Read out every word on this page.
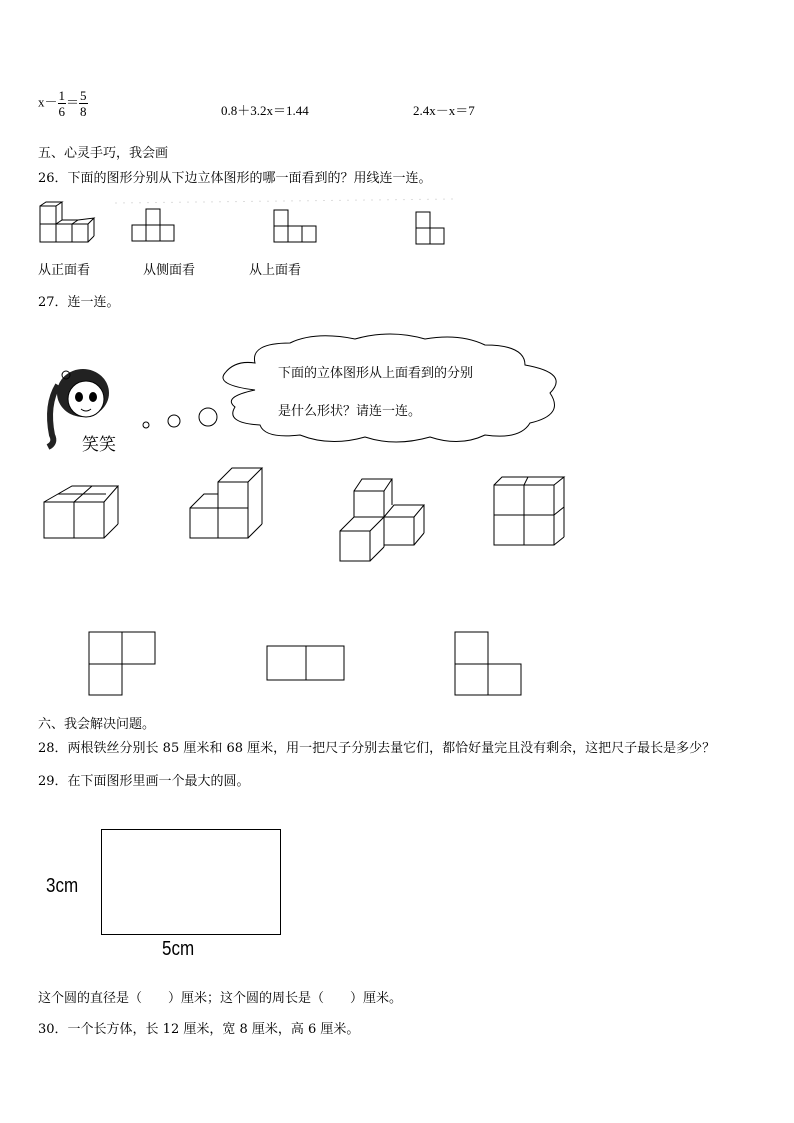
$x- \frac{1}{6} = \frac{5}{8}$	0.8＋3.2x＝1.44	2.4x－x＝7
五、心灵手巧，我会画
26．下面的图形分别从下边立体图形的哪一面看到的？用线连一连。
从正面看	从侧面看	从上面看
27．连一连。
笑笑
下面的立体图形从上面看到的分别
是什么形状？请连一连。
六、我会解决问题。
28．两根铁丝分别长 85 厘米和 68 厘米，用一把尺子分别去量它们，都恰好量完且没有剩余，这把尺子最长是多少？
29．在下面图形里画一个最大的圆。
3cm
5cm
这个圆的直径是（　　）厘米；这个圆的周长是（　　）厘米。
30．一个长方体，长 12 厘米，宽 8 厘米，高 6 厘米。
